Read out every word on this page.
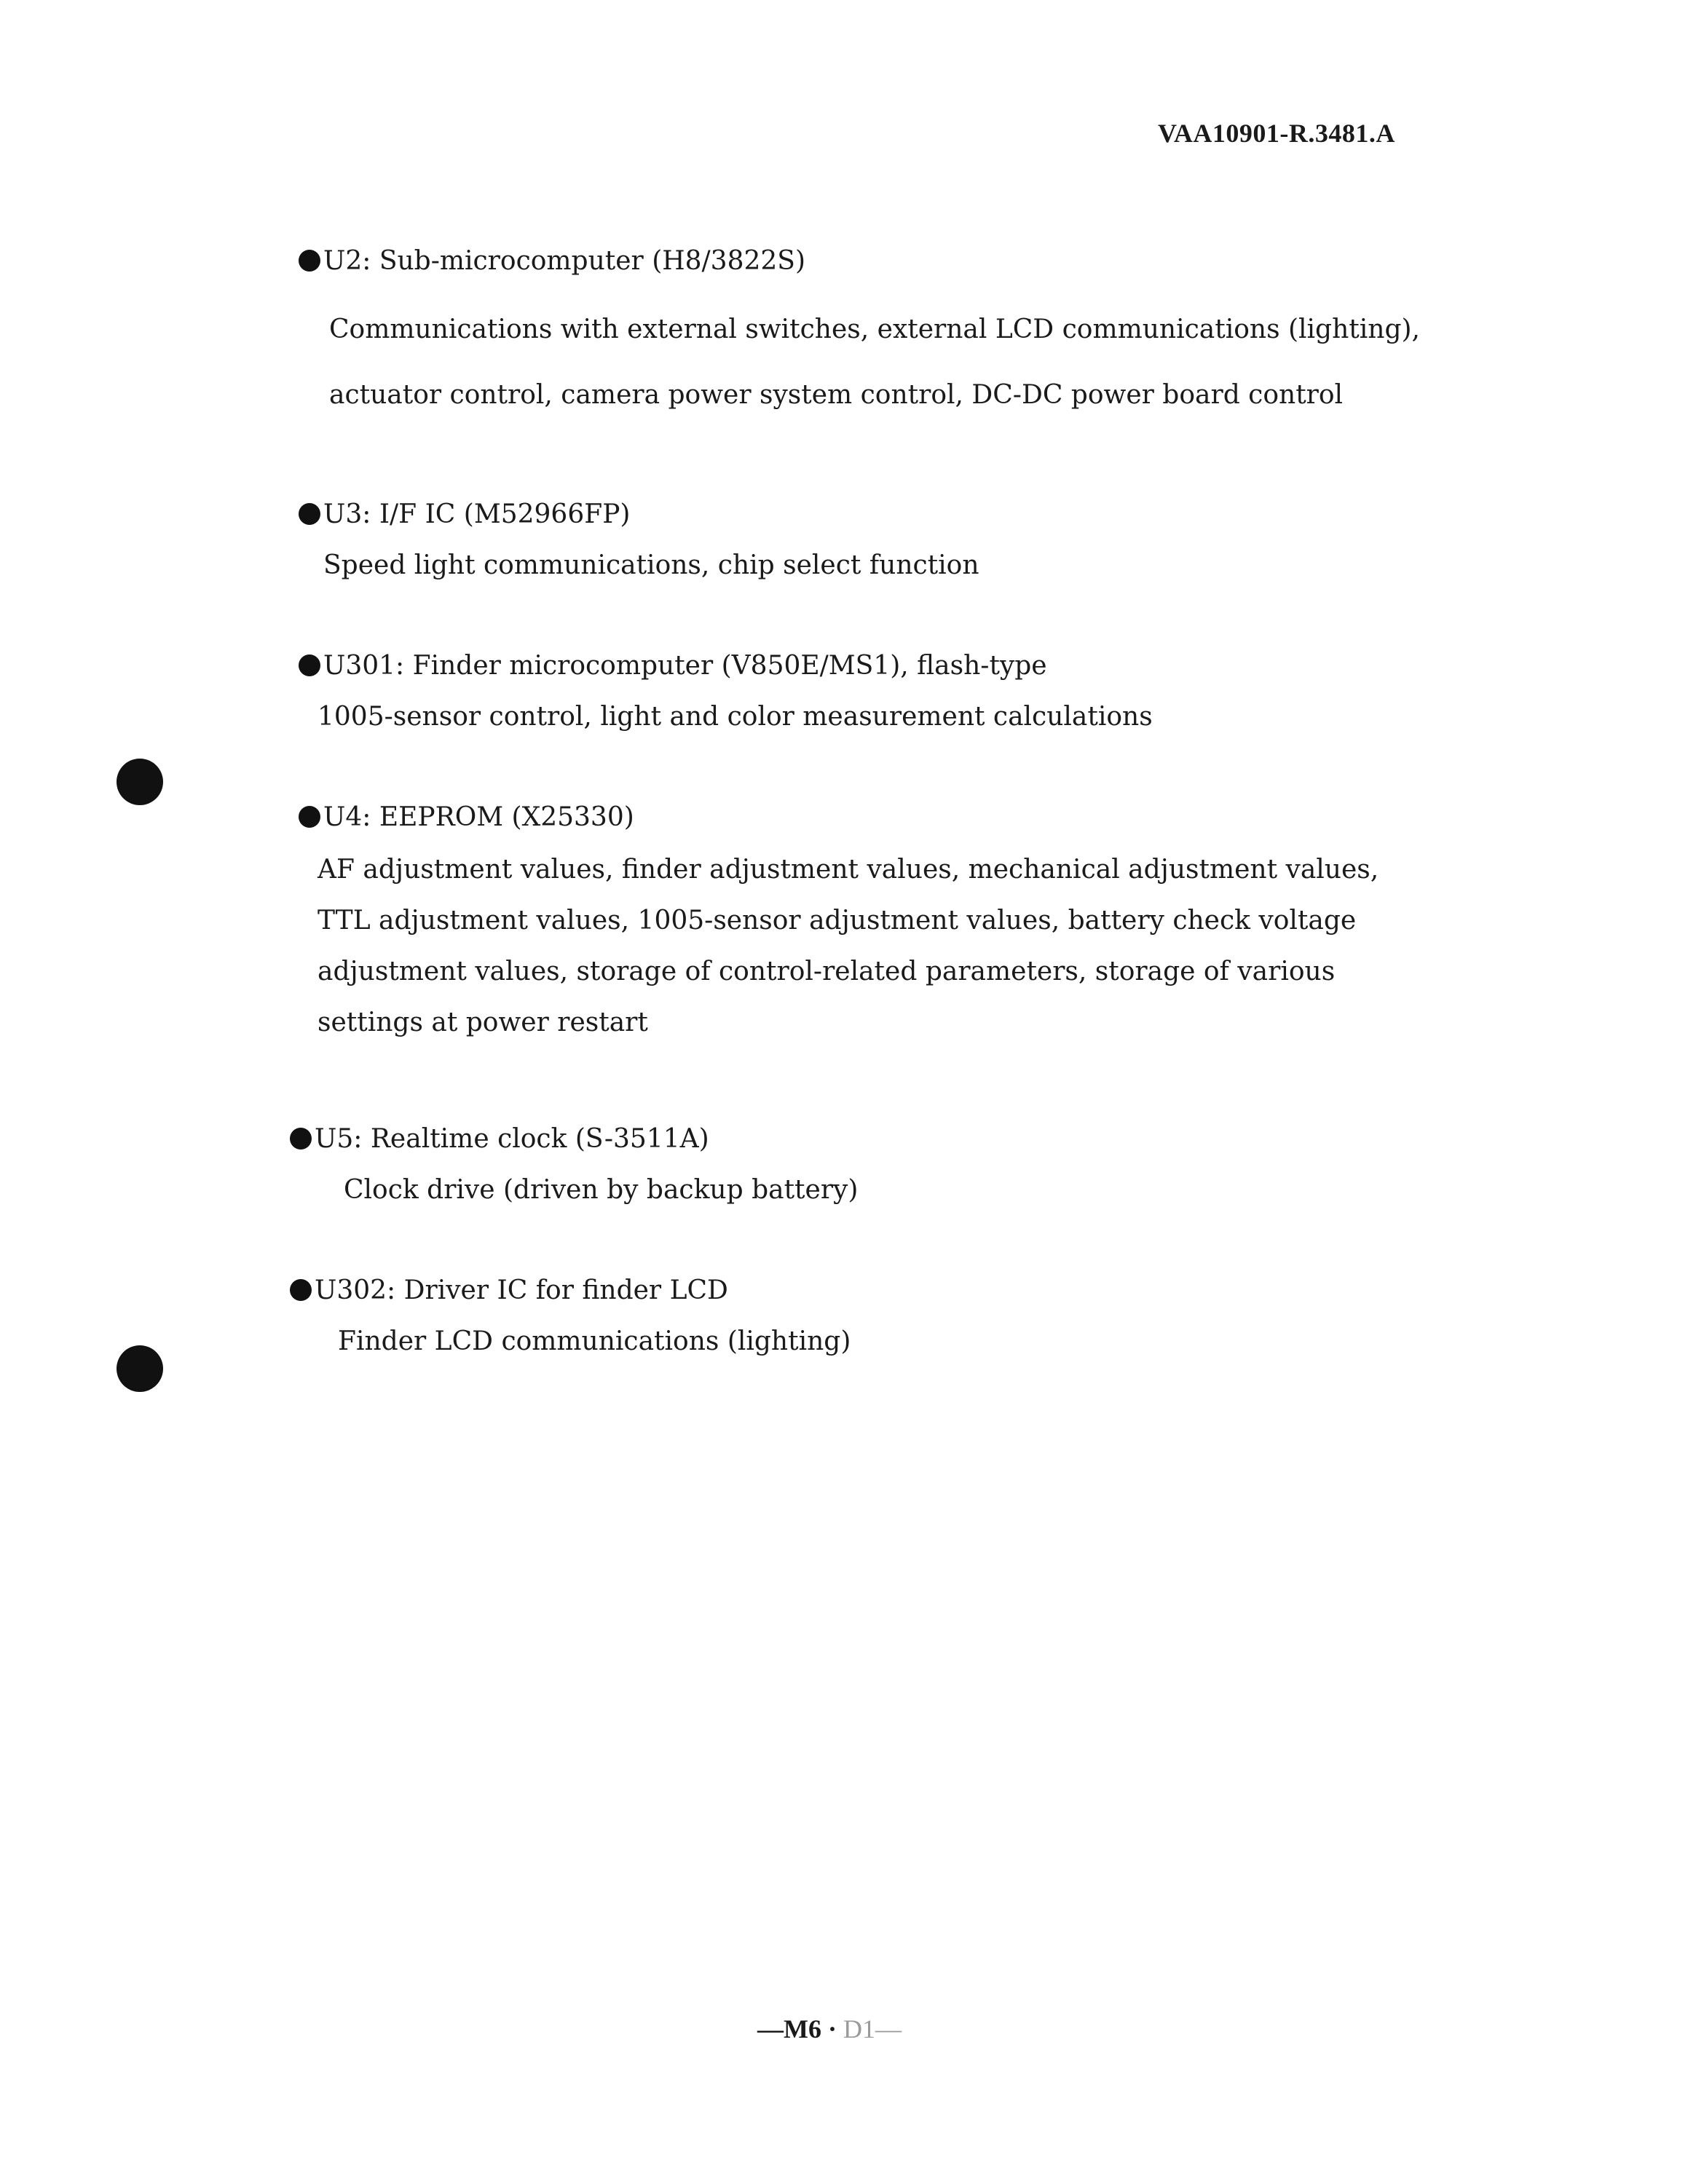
VAA10901-R.3481.A
U2: Sub-microcomputer (H8/3822S)
Communications with external switches, external LCD communications (lighting),
actuator control, camera power system control, DC-DC power board control
U3: I/F IC (M52966FP)
Speed light communications, chip select function
U301: Finder microcomputer (V850E/MS1), flash-type
1005-sensor control, light and color measurement calculations
U4: EEPROM (X25330)
AF adjustment values, finder adjustment values, mechanical adjustment values,
TTL adjustment values, 1005-sensor adjustment values, battery check voltage
adjustment values, storage of control-related parameters, storage of various
settings at power restart
U5: Realtime clock (S-3511A)
Clock drive (driven by backup battery)
U302: Driver IC for finder LCD
Finder LCD communications (lighting)
—M6 · D1—
